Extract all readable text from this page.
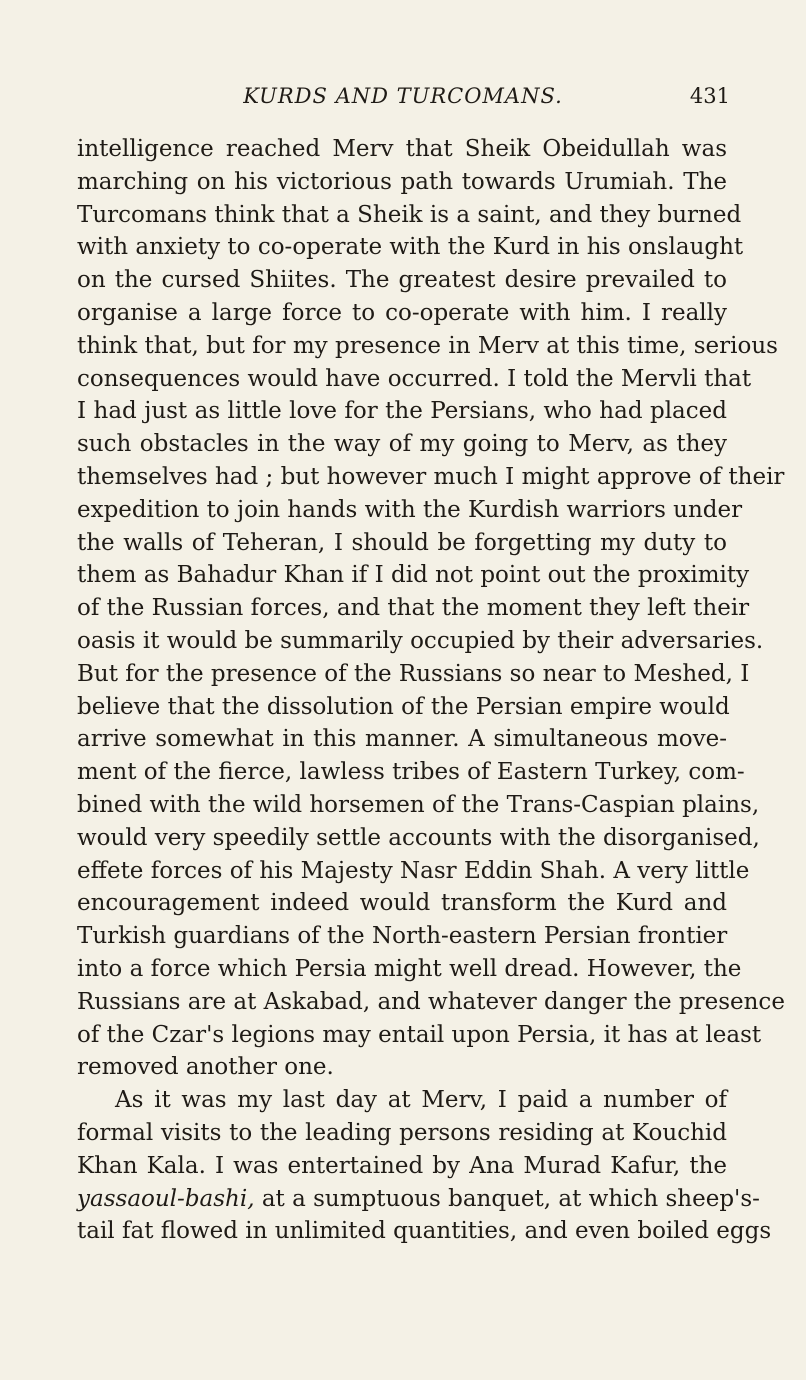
KURDS AND TURCOMANS.	431
intelligence reached Merv that Sheik Obeidullah was
marching on his victorious path towards Urumiah. The
Turcomans think that a Sheik is a saint, and they burned
with anxiety to co-operate with the Kurd in his onslaught
on the cursed Shiites. The greatest desire prevailed to
organise a large force to co-operate with him. I really
think that, but for my presence in Merv at this time, serious
consequences would have occurred. I told the Mervli that
I had just as little love for the Persians, who had placed
such obstacles in the way of my going to Merv, as they
themselves had ; but however much I might approve of their
expedition to join hands with the Kurdish warriors under
the walls of Teheran, I should be forgetting my duty to
them as Bahadur Khan if I did not point out the proximity
of the Russian forces, and that the moment they left their
oasis it would be summarily occupied by their adversaries.
But for the presence of the Russians so near to Meshed, I
believe that the dissolution of the Persian empire would
arrive somewhat in this manner. A simultaneous move-
ment of the fierce, lawless tribes of Eastern Turkey, com-
bined with the wild horsemen of the Trans-Caspian plains,
would very speedily settle accounts with the disorganised,
effete forces of his Majesty Nasr Eddin Shah. A very little
encouragement indeed would transform the Kurd and
Turkish guardians of the North-eastern Persian frontier
into a force which Persia might well dread. However, the
Russians are at Askabad, and whatever danger the presence
of the Czar's legions may entail upon Persia, it has at least
removed another one.
As it was my last day at Merv, I paid a number of
formal visits to the leading persons residing at Kouchid
Khan Kala. I was entertained by Ana Murad Kafur, the
yassaoul-bashi, at a sumptuous banquet, at which sheep's-
tail fat flowed in unlimited quantities, and even boiled eggs
